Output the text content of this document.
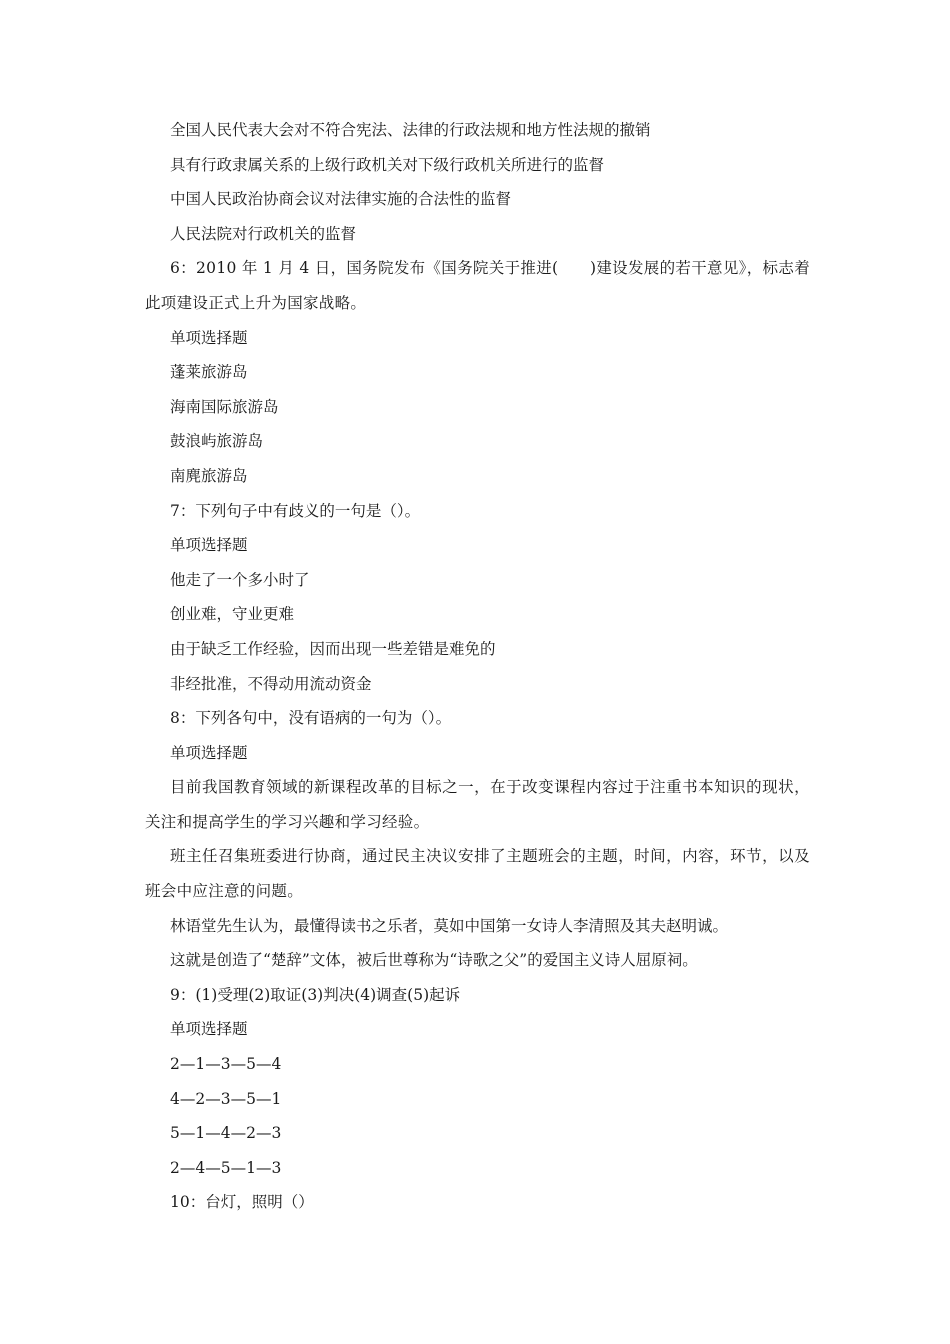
全国人民代表大会对不符合宪法、法律的行政法规和地方性法规的撤销
具有行政隶属关系的上级行政机关对下级行政机关所进行的监督
中国人民政治协商会议对法律实施的合法性的监督
人民法院对行政机关的监督
6：2010 年 1 月 4 日，国务院发布《国务院关于推进(　　)建设发展的若干意见》，标志着此项建设正式上升为国家战略。
单项选择题
蓬莱旅游岛
海南国际旅游岛
鼓浪屿旅游岛
南麂旅游岛
7：下列句子中有歧义的一句是（）。
单项选择题
他走了一个多小时了
创业难，守业更难
由于缺乏工作经验，因而出现一些差错是难免的
非经批准，不得动用流动资金
8：下列各句中，没有语病的一句为（）。
单项选择题
目前我国教育领域的新课程改革的目标之一，在于改变课程内容过于注重书本知识的现状，关注和提高学生的学习兴趣和学习经验。
班主任召集班委进行协商，通过民主决议安排了主题班会的主题，时间，内容，环节，以及班会中应注意的问题。
林语堂先生认为，最懂得读书之乐者，莫如中国第一女诗人李清照及其夫赵明诚。
这就是创造了“楚辞”文体，被后世尊称为“诗歌之父”的爱国主义诗人屈原祠。
9：(1)受理(2)取证(3)判决(4)调查(5)起诉
单项选择题
2—1—3—5—4
4—2—3—5—1
5—1—4—2—3
2—4—5—1—3
10：台灯，照明（）
